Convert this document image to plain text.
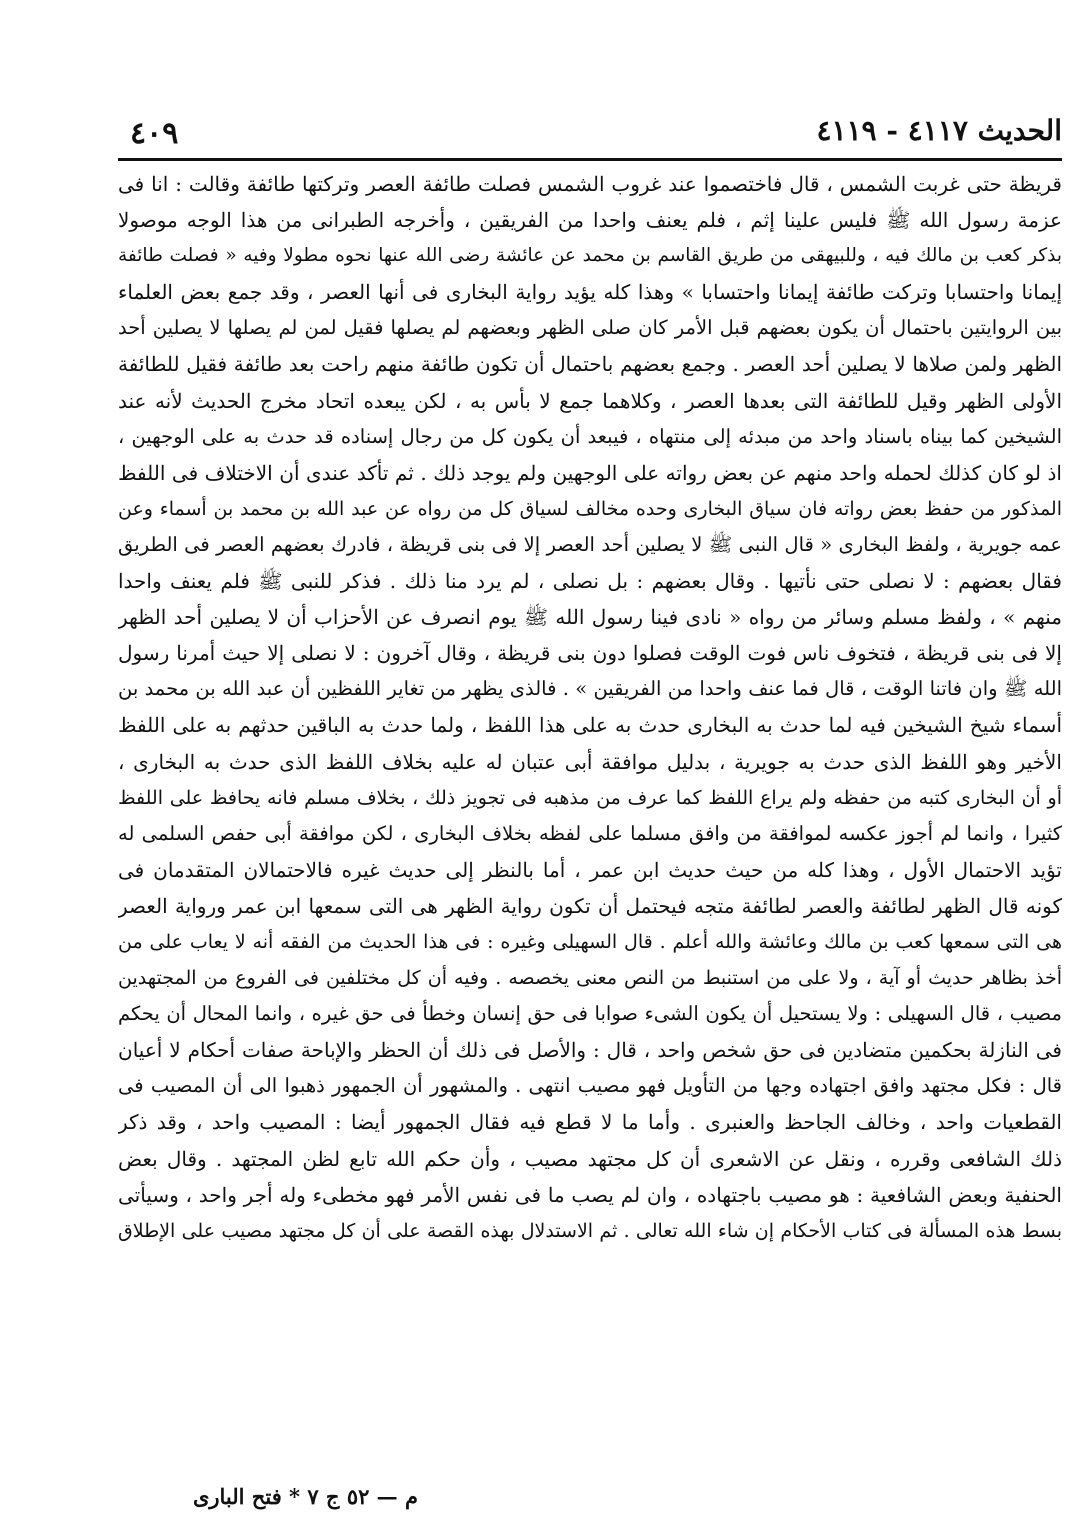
الحديث ٤١١٧ - ٤١١٩
٤٠٩
قريظة حتى غربت الشمس ، قال فاختصموا عند غروب الشمس فصلت طائفة العصر وتركتها طائفة وقالت : انا فى
عزمة رسول الله ﷺ فليس علينا إثم ، فلم يعنف واحدا من الفريقين ، وأخرجه الطبرانى من هذا الوجه موصولا
بذكر كعب بن مالك فيه ، وللبيهقى من طريق القاسم بن محمد عن عائشة رضى الله عنها نحوه مطولا وفيه « فصلت طائفة
إيمانا واحتسابا وتركت طائفة إيمانا واحتسابا » وهذا كله يؤيد رواية البخارى فى أنها العصر ، وقد جمع بعض العلماء
بين الروايتين باحتمال أن يكون بعضهم قبل الأمر كان صلى الظهر وبعضهم لم يصلها فقيل لمن لم يصلها لا يصلين أحد
الظهر ولمن صلاها لا يصلين أحد العصر . وجمع بعضهم باحتمال أن تكون طائفة منهم راحت بعد طائفة فقيل للطائفة
الأولى الظهر وقيل للطائفة التى بعدها العصر ، وكلاهما جمع لا بأس به ، لكن يبعده اتحاد مخرج الحديث لأنه عند
الشيخين كما بيناه باسناد واحد من مبدئه إلى منتهاه ، فيبعد أن يكون كل من رجال إسناده قد حدث به على الوجهين ،
اذ لو كان كذلك لحمله واحد منهم عن بعض رواته على الوجهين ولم يوجد ذلك . ثم تأكد عندى أن الاختلاف فى اللفظ
المذكور من حفظ بعض رواته فان سياق البخارى وحده مخالف لسياق كل من رواه عن عبد الله بن محمد بن أسماء وعن
عمه جويرية ، ولفظ البخارى « قال النبى ﷺ لا يصلين أحد العصر إلا فى بنى قريظة ، فادرك بعضهم العصر فى الطريق
فقال بعضهم : لا نصلى حتى نأتيها . وقال بعضهم : بل نصلى ، لم يرد منا ذلك . فذكر للنبى ﷺ فلم يعنف واحدا
منهم » ، ولفظ مسلم وسائر من رواه « نادى فينا رسول الله ﷺ يوم انصرف عن الأحزاب أن لا يصلين أحد الظهر
إلا فى بنى قريظة ، فتخوف ناس فوت الوقت فصلوا دون بنى قريظة ، وقال آخرون : لا نصلى إلا حيث أمرنا رسول
الله ﷺ وان فاتنا الوقت ، قال فما عنف واحدا من الفريقين » . فالذى يظهر من تغاير اللفظين أن عبد الله بن محمد بن
أسماء شيخ الشيخين فيه لما حدث به البخارى حدث به على هذا اللفظ ، ولما حدث به الباقين حدثهم به على اللفظ
الأخير وهو اللفظ الذى حدث به جويرية ، بدليل موافقة أبى عتبان له عليه بخلاف اللفظ الذى حدث به البخارى ،
أو أن البخارى كتبه من حفظه ولم يراع اللفظ كما عرف من مذهبه فى تجويز ذلك ، بخلاف مسلم فانه يحافظ على اللفظ
كثيرا ، وانما لم أجوز عكسه لموافقة من وافق مسلما على لفظه بخلاف البخارى ، لكن موافقة أبى حفص السلمى له
تؤيد الاحتمال الأول ، وهذا كله من حيث حديث ابن عمر ، أما بالنظر إلى حديث غيره فالاحتمالان المتقدمان فى
كونه قال الظهر لطائفة والعصر لطائفة متجه فيحتمل أن تكون رواية الظهر هى التى سمعها ابن عمر ورواية العصر
هى التى سمعها كعب بن مالك وعائشة والله أعلم . قال السهيلى وغيره : فى هذا الحديث من الفقه أنه لا يعاب على من
أخذ بظاهر حديث أو آية ، ولا على من استنبط من النص معنى يخصصه . وفيه أن كل مختلفين فى الفروع من المجتهدين
مصيب ، قال السهيلى : ولا يستحيل أن يكون الشىء صوابا فى حق إنسان وخطأ فى حق غيره ، وانما المحال أن يحكم
فى النازلة بحكمين متضادين فى حق شخص واحد ، قال : والأصل فى ذلك أن الحظر والإباحة صفات أحكام لا أعيان
قال : فكل مجتهد وافق اجتهاده وجها من التأويل فهو مصيب انتهى . والمشهور أن الجمهور ذهبوا الى أن المصيب فى
القطعيات واحد ، وخالف الجاحظ والعنبرى . وأما ما لا قطع فيه فقال الجمهور أيضا : المصيب واحد ، وقد ذكر
ذلك الشافعى وقرره ، ونقل عن الاشعرى أن كل مجتهد مصيب ، وأن حكم الله تابع لظن المجتهد . وقال بعض
الحنفية وبعض الشافعية : هو مصيب باجتهاده ، وان لم يصب ما فى نفس الأمر فهو مخطىء وله أجر واحد ، وسيأتى
بسط هذه المسألة فى كتاب الأحكام إن شاء الله تعالى . ثم الاستدلال بهذه القصة على أن كل مجتهد مصيب على الإطلاق
م — ٥٢ ج ٧ * فتح البارى
